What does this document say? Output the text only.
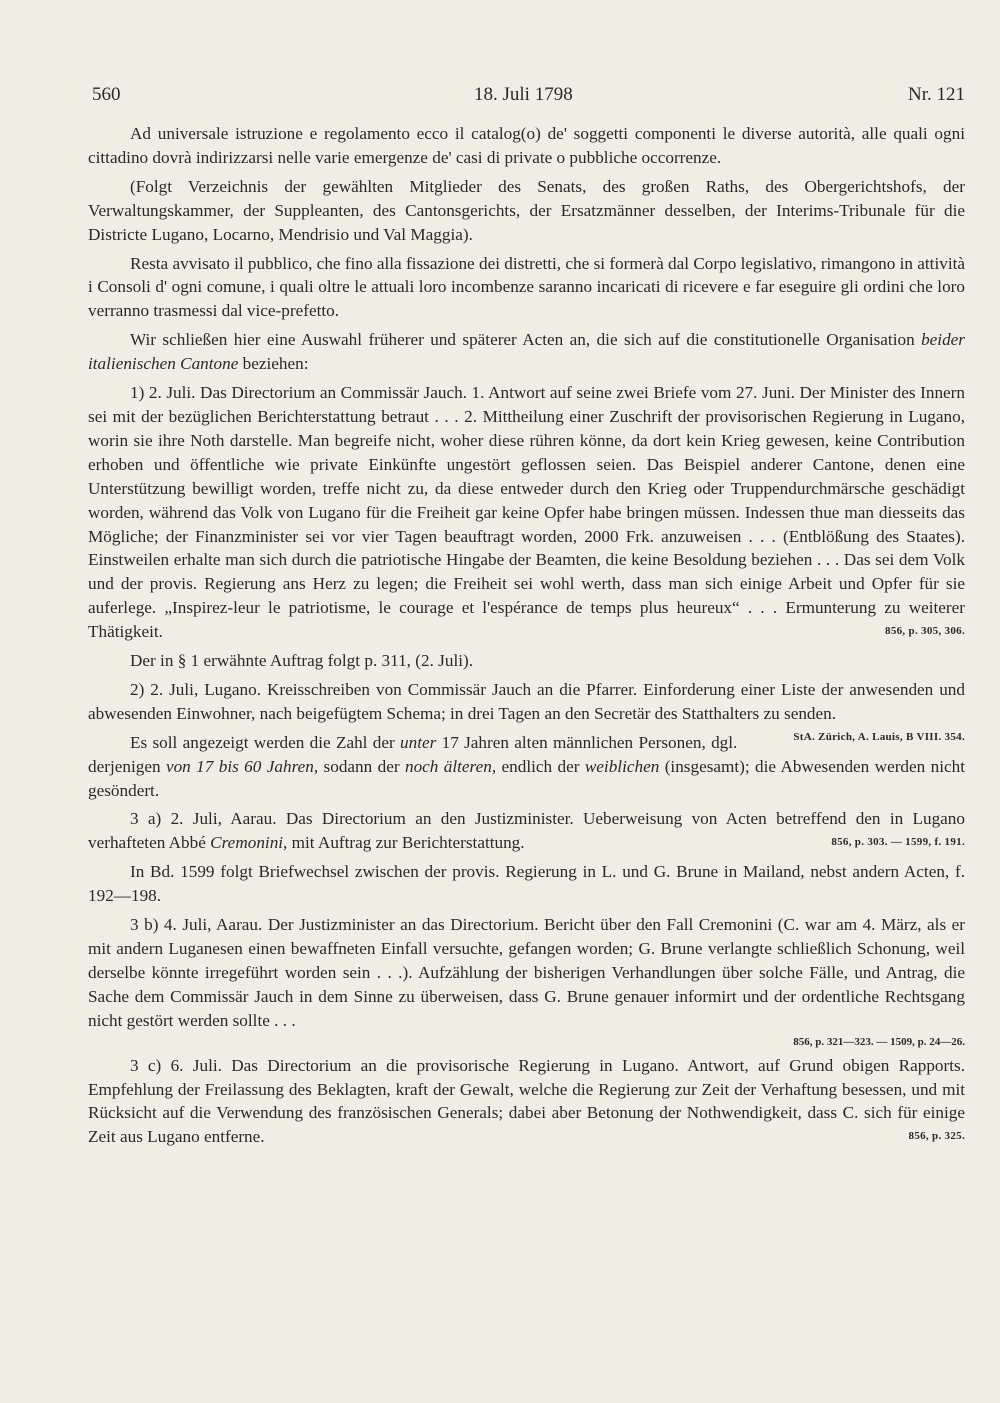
560	18. Juli 1798	Nr. 121

Ad universale istruzione e regolamento ecco il catalog(o) de' soggetti componenti le diverse autorità, alle quali ogni cittadino dovrà indirizzarsi nelle varie emergenze de' casi di private o pubbliche occorrenze.

(Folgt Verzeichnis der gewählten Mitglieder des Senats, des großen Raths, des Obergerichtshofs, der Verwaltungskammer, der Suppleanten, des Cantonsgerichts, der Ersatzmänner desselben, der Interims-Tribunale für die Districte Lugano, Locarno, Mendrisio und Val Maggia).

Resta avvisato il pubblico, che fino alla fissazione dei distretti, che si formerà dal Corpo legislativo, rimangono in attività i Consoli d' ogni comune, i quali oltre le attuali loro incombenze saranno incaricati di ricevere e far eseguire gli ordini che loro verranno trasmessi dal vice-prefetto.

Wir schließen hier eine Auswahl früherer und späterer Acten an, die sich auf die constitutionelle Organisation beider italienischen Cantone beziehen:

1) 2. Juli. Das Directorium an Commissär Jauch. 1. Antwort auf seine zwei Briefe vom 27. Juni. Der Minister des Innern sei mit der bezüglichen Berichterstattung betraut . . . 2. Mittheilung einer Zuschrift der provisorischen Regierung in Lugano, worin sie ihre Noth darstelle. Man begreife nicht, woher diese rühren könne, da dort kein Krieg gewesen, keine Contribution erhoben und öffentliche wie private Einkünfte ungestört geflossen seien. Das Beispiel anderer Cantone, denen eine Unterstützung bewilligt worden, treffe nicht zu, da diese entweder durch den Krieg oder Truppendurchmärsche geschädigt worden, während das Volk von Lugano für die Freiheit gar keine Opfer habe bringen müssen. Indessen thue man diesseits das Mögliche; der Finanzminister sei vor vier Tagen beauftragt worden, 2000 Frk. anzuweisen . . . (Entblößung des Staates). Einstweilen erhalte man sich durch die patriotische Hingabe der Beamten, die keine Besoldung beziehen . . . Das sei dem Volk und der provis. Regierung ans Herz zu legen; die Freiheit sei wohl werth, dass man sich einige Arbeit und Opfer für sie auferlege. „Inspirez-leur le patriotisme, le courage et l'espérance de temps plus heureux“ . . . Ermunterung zu weiterer Thätigkeit.	856, p. 305, 306.

Der in § 1 erwähnte Auftrag folgt p. 311, (2. Juli).

2) 2. Juli, Lugano. Kreisschreiben von Commissär Jauch an die Pfarrer. Einforderung einer Liste der anwesenden und abwesenden Einwohner, nach beigefügtem Schema; in drei Tagen an den Secretär des Statthalters zu senden.
StA. Zürich, A. Lauis, B VIII. 354.

Es soll angezeigt werden die Zahl der unter 17 Jahren alten männlichen Personen, dgl. derjenigen von 17 bis 60 Jahren, sodann der noch älteren, endlich der weiblichen (insgesamt); die Abwesenden werden nicht gesöndert.

3 a) 2. Juli, Aarau. Das Directorium an den Justizminister. Ueberweisung von Acten betreffend den in Lugano verhafteten Abbé Cremonini, mit Auftrag zur Berichterstattung.	856, p. 303. — 1599, f. 191.

In Bd. 1599 folgt Briefwechsel zwischen der provis. Regierung in L. und G. Brune in Mailand, nebst andern Acten, f. 192—198.

3 b) 4. Juli, Aarau. Der Justizminister an das Directorium. Bericht über den Fall Cremonini (C. war am 4. März, als er mit andern Luganesen einen bewaffneten Einfall versuchte, gefangen worden; G. Brune verlangte schließlich Schonung, weil derselbe könnte irregeführt worden sein . . .). Aufzählung der bisherigen Verhandlungen über solche Fälle, und Antrag, die Sache dem Commissär Jauch in dem Sinne zu überweisen, dass G. Brune genauer informirt und der ordentliche Rechtsgang nicht gestört werden sollte . . .

856, p. 321—323. — 1509, p. 24—26.

3 c) 6. Juli. Das Directorium an die provisorische Regierung in Lugano. Antwort, auf Grund obigen Rapports. Empfehlung der Freilassung des Beklagten, kraft der Gewalt, welche die Regierung zur Zeit der Verhaftung besessen, und mit Rücksicht auf die Verwendung des französischen Generals; dabei aber Betonung der Nothwendigkeit, dass C. sich für einige Zeit aus Lugano entferne.	856, p. 325.
